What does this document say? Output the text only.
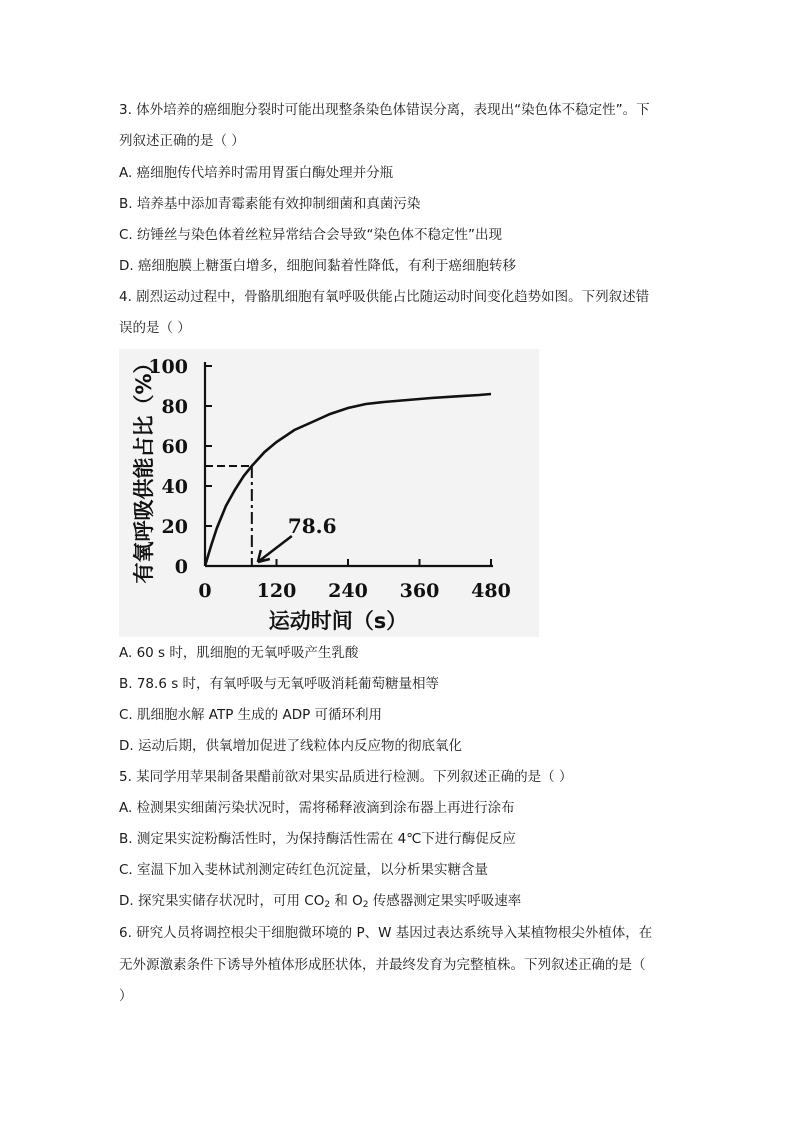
3. 体外培养的癌细胞分裂时可能出现整条染色体错误分离，表现出“染色体不稳定性”。下
列叙述正确的是（ ）
A. 癌细胞传代培养时需用胃蛋白酶处理并分瓶
B. 培养基中添加青霉素能有效抑制细菌和真菌污染
C. 纺锤丝与染色体着丝粒异常结合会导致“染色体不稳定性”出现
D. 癌细胞膜上糖蛋白增多，细胞间黏着性降低，有利于癌细胞转移
4. 剧烈运动过程中，骨骼肌细胞有氧呼吸供能占比随运动时间变化趋势如图。下列叙述错
误的是（ ）
0
20
40
60
80
100
0 120 240 360 480
78.6
有氧呼吸供能占比（%）
运动时间（s）
A. 60 s 时，肌细胞的无氧呼吸产生乳酸
B. 78.6 s 时，有氧呼吸与无氧呼吸消耗葡萄糖量相等
C. 肌细胞水解 ATP 生成的 ADP 可循环利用
D. 运动后期，供氧增加促进了线粒体内反应物的彻底氧化
5. 某同学用苹果制备果醋前欲对果实品质进行检测。下列叙述正确的是（ ）
A. 检测果实细菌污染状况时，需将稀释液滴到涂布器上再进行涂布
B. 测定果实淀粉酶活性时，为保持酶活性需在 4℃下进行酶促反应
C. 室温下加入斐林试剂测定砖红色沉淀量，以分析果实糖含量
D. 探究果实储存状况时，可用 $CO_2$ 和 $O_2$ 传感器测定果实呼吸速率
6. 研究人员将调控根尖干细胞微环境的 P、W 基因过表达系统导入某植物根尖外植体，在
无外源激素条件下诱导外植体形成胚状体，并最终发育为完整植株。下列叙述正确的是（
）
